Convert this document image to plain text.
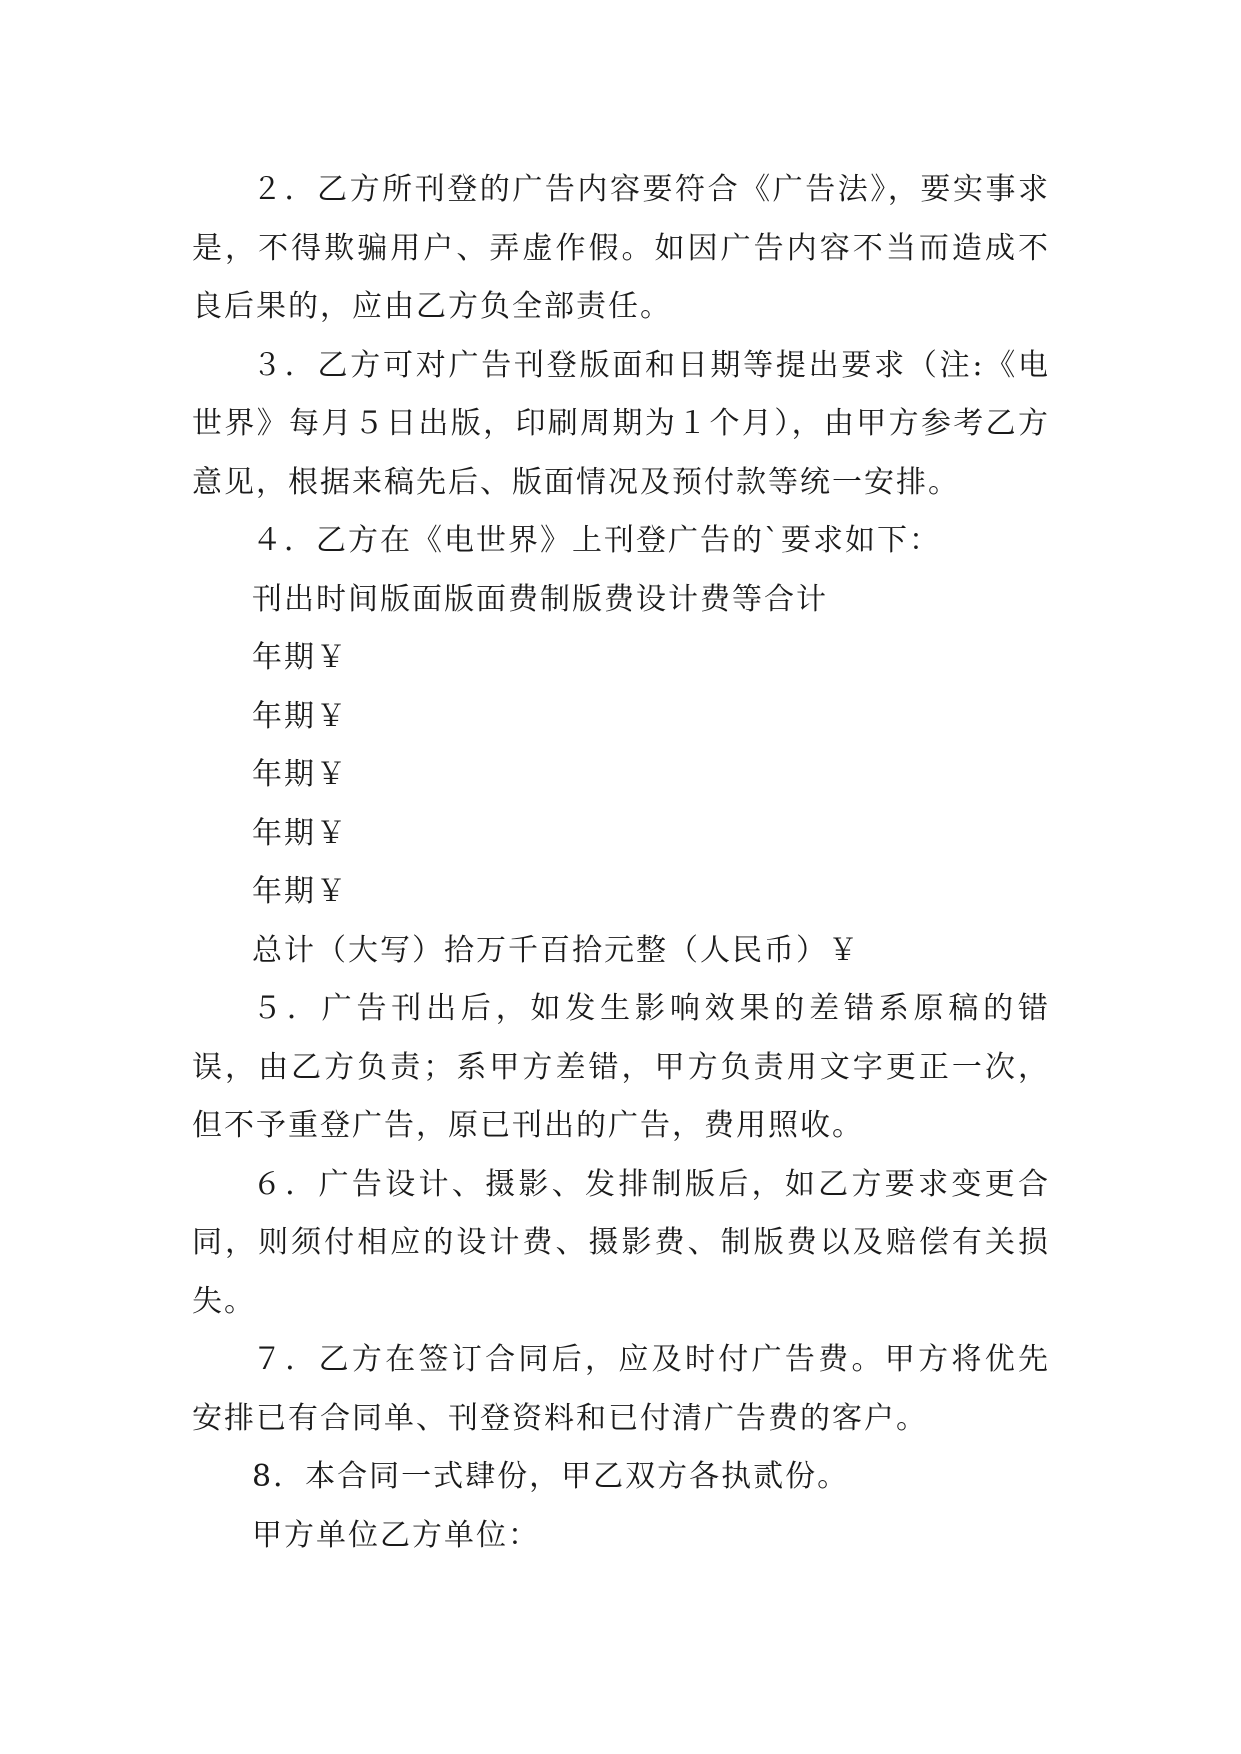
２．乙方所刊登的广告内容要符合《广告法》，要实事求是，不得欺骗用户、弄虚作假。如因广告内容不当而造成不良后果的，应由乙方负全部责任。

３．乙方可对广告刊登版面和日期等提出要求（注:《电世界》每月５日出版，印刷周期为１个月），由甲方参考乙方意见，根据来稿先后、版面情况及预付款等统一安排。

４．乙方在《电世界》上刊登广告的`要求如下：

刊出时间版面版面费制版费设计费等合计

年期￥

年期￥

年期￥

年期￥

年期￥

总计（大写）拾万千百拾元整（人民币）￥

５．广告刊出后，如发生影响效果的差错系原稿的错误，由乙方负责；系甲方差错，甲方负责用文字更正一次，但不予重登广告，原已刊出的广告，费用照收。

６．广告设计、摄影、发排制版后，如乙方要求变更合同，则须付相应的设计费、摄影费、制版费以及赔偿有关损失。

７．乙方在签订合同后，应及时付广告费。甲方将优先安排已有合同单、刊登资料和已付清广告费的客户。

8．本合同一式肆份，甲乙双方各执贰份。

甲方单位乙方单位：
